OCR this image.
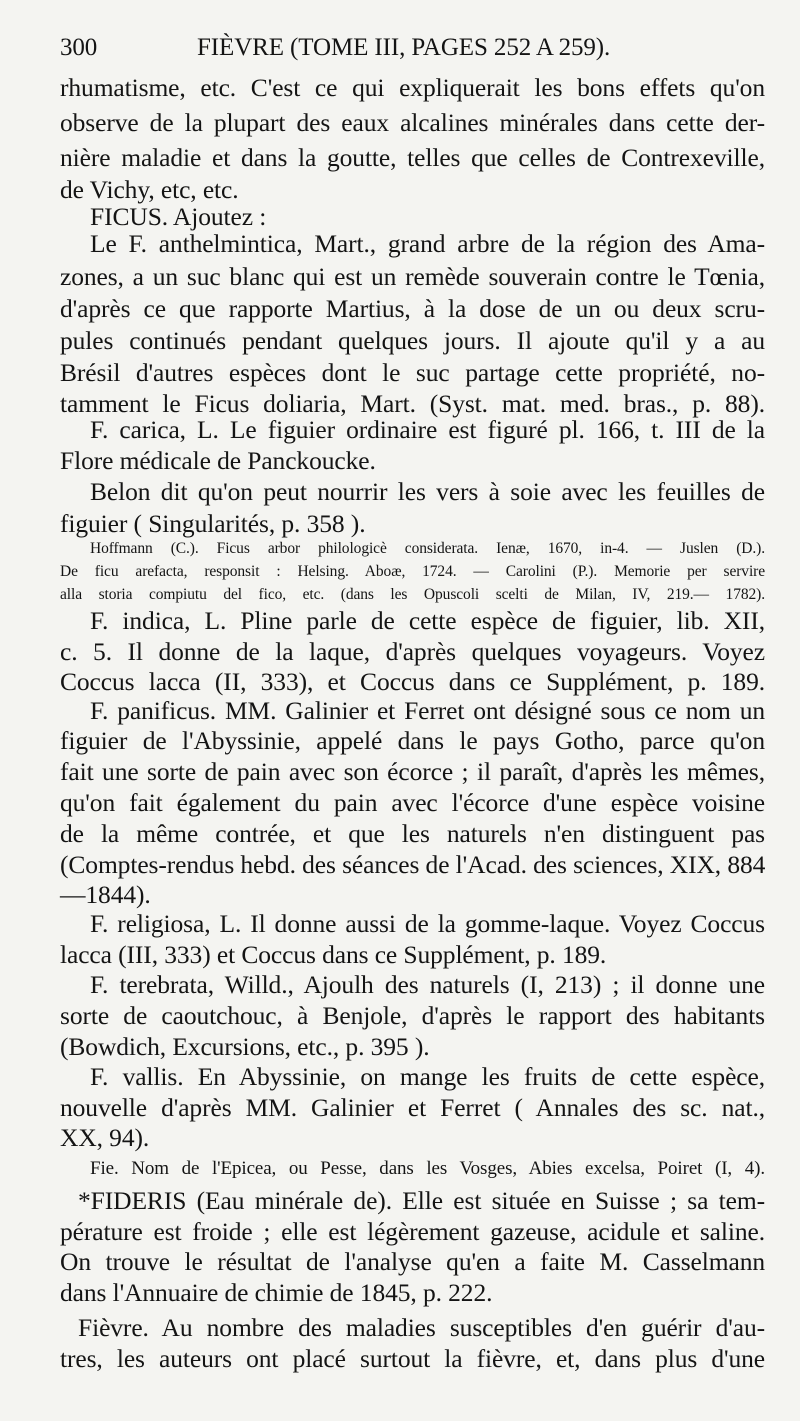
300	FIÈVRE (TOME III, PAGES 252 A 259).
rhumatisme, etc. C'est ce qui expliquerait les bons effets qu'on
observe de la plupart des eaux alcalines minérales dans cette der-
nière maladie et dans la goutte, telles que celles de Contrexeville,
de Vichy, etc, etc.
FICUS. Ajoutez :
Le F. anthelmintica, Mart., grand arbre de la région des Ama-
zones, a un suc blanc qui est un remède souverain contre le Tœnia,
d'après ce que rapporte Martius, à la dose de un ou deux scru-
pules continués pendant quelques jours. Il ajoute qu'il y a au
Brésil d'autres espèces dont le suc partage cette propriété, no-
tamment le Ficus doliaria, Mart. (Syst. mat. med. bras., p. 88).
F. carica, L. Le figuier ordinaire est figuré pl. 166, t. III de la
Flore médicale de Panckoucke.
Belon dit qu'on peut nourrir les vers à soie avec les feuilles de
figuier ( Singularités, p. 358 ).
Hoffmann (C.). Ficus arbor philologicè considerata. Ienæ, 1670, in-4. — Juslen (D.).
De ficu arefacta, responsit : Helsing. Aboæ, 1724. — Carolini (P.). Memorie per servire
alla storia compiutu del fico, etc. (dans les Opuscoli scelti de Milan, IV, 219.— 1782).
F. indica, L. Pline parle de cette espèce de figuier, lib. XII,
c. 5. Il donne de la laque, d'après quelques voyageurs. Voyez
Coccus lacca (II, 333), et Coccus dans ce Supplément, p. 189.
F. panificus. MM. Galinier et Ferret ont désigné sous ce nom un
figuier de l'Abyssinie, appelé dans le pays Gotho, parce qu'on
fait une sorte de pain avec son écorce ; il paraît, d'après les mêmes,
qu'on fait également du pain avec l'écorce d'une espèce voisine
de la même contrée, et que les naturels n'en distinguent pas
(Comptes-rendus hebd. des séances de l'Acad. des sciences, XIX, 884
—1844).
F. religiosa, L. Il donne aussi de la gomme-laque. Voyez Coccus
lacca (III, 333) et Coccus dans ce Supplément, p. 189.
F. terebrata, Willd., Ajoulh des naturels (I, 213) ; il donne une
sorte de caoutchouc, à Benjole, d'après le rapport des habitants
(Bowdich, Excursions, etc., p. 395 ).
F. vallis. En Abyssinie, on mange les fruits de cette espèce,
nouvelle d'après MM. Galinier et Ferret ( Annales des sc. nat.,
XX, 94).
Fie. Nom de l'Epicea, ou Pesse, dans les Vosges, Abies excelsa, Poiret (I, 4).
*FIDERIS (Eau minérale de). Elle est située en Suisse ; sa tem-
pérature est froide ; elle est légèrement gazeuse, acidule et saline.
On trouve le résultat de l'analyse qu'en a faite M. Casselmann
dans l'Annuaire de chimie de 1845, p. 222.
Fièvre. Au nombre des maladies susceptibles d'en guérir d'au-
tres, les auteurs ont placé surtout la fièvre, et, dans plus d'une
